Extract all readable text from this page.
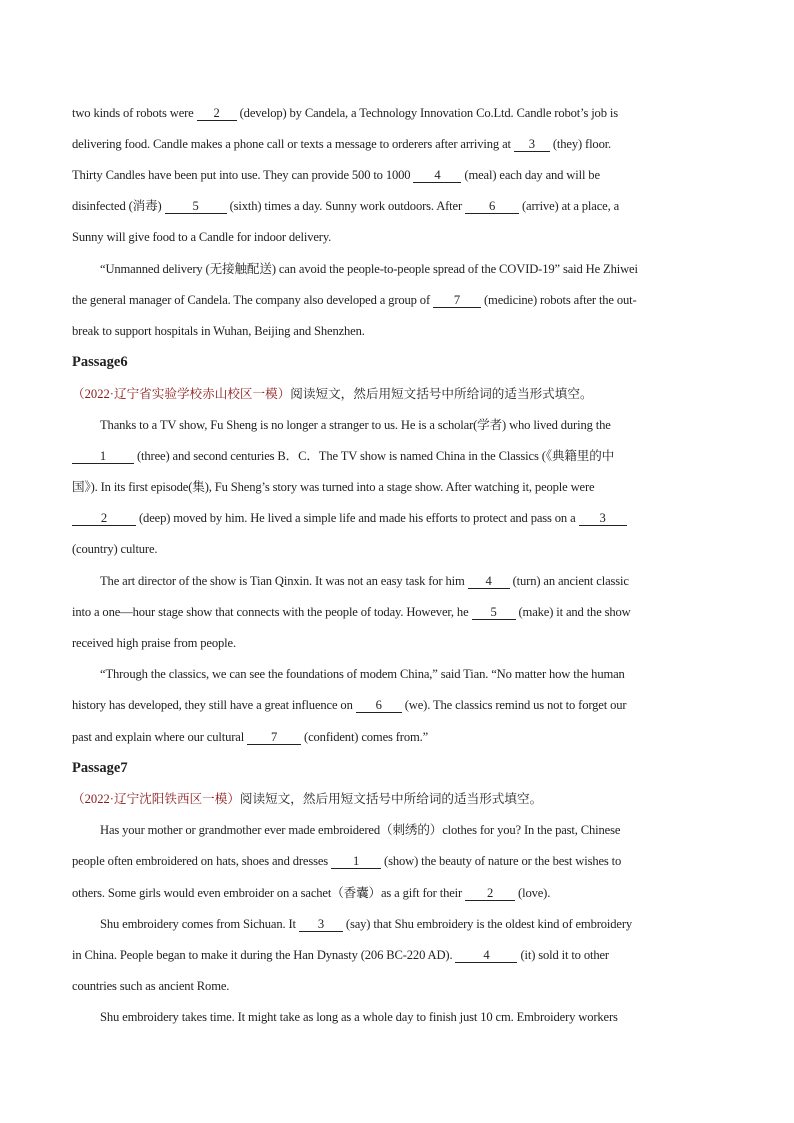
two kinds of robots were 2 (develop) by Candela, a Technology Innovation Co.Ltd. Candle robot’s job is
delivering food. Candle makes a phone call or texts a message to orderers after arriving at 3 (they) floor.
Thirty Candles have been put into use. They can provide 500 to 1000 4 (meal) each day and will be
disinfected (消毒) 5 (sixth) times a day. Sunny work outdoors. After 6 (arrive) at a place, a
Sunny will give food to a Candle for indoor delivery.
“Unmanned delivery (无接触配送) can avoid the people-to-people spread of the COVID-19” said He Zhiwei
the general manager of Candela. The company also developed a group of 7 (medicine) robots after the out-
break to support hospitals in Wuhan, Beijing and Shenzhen.
Passage6
（2022·辽宁省实验学校赤山校区一模）阅读短文，然后用短文括号中所给词的适当形式填空。
Thanks to a TV show, Fu Sheng is no longer a stranger to us. He is a scholar(学者) who lived during the
1 (three) and second centuries B．C．The TV show is named China in the Classics (《典籍里的中
国》). In its first episode(集), Fu Sheng’s story was turned into a stage show. After watching it, people were
2 (deep) moved by him. He lived a simple life and made his efforts to protect and pass on a 3
(country) culture.
The art director of the show is Tian Qinxin. It was not an easy task for him 4 (turn) an ancient classic
into a one—hour stage show that connects with the people of today. However, he 5 (make) it and the show
received high praise from people.
“Through the classics, we can see the foundations of modem China,” said Tian. “No matter how the human
history has developed, they still have a great influence on 6 (we). The classics remind us not to forget our
past and explain where our cultural 7 (confident) comes from.”
Passage7
（2022·辽宁沈阳铁西区一模）阅读短文，然后用短文括号中所给词的适当形式填空。
Has your mother or grandmother ever made embroidered（刺绣的）clothes for you? In the past, Chinese
people often embroidered on hats, shoes and dresses 1 (show) the beauty of nature or the best wishes to
others. Some girls would even embroider on a sachet（香囊）as a gift for their 2 (love).
Shu embroidery comes from Sichuan. It 3 (say) that Shu embroidery is the oldest kind of embroidery
in China. People began to make it during the Han Dynasty (206 BC-220 AD). 4 (it) sold it to other
countries such as ancient Rome.
Shu embroidery takes time. It might take as long as a whole day to finish just 10 cm. Embroidery workers
